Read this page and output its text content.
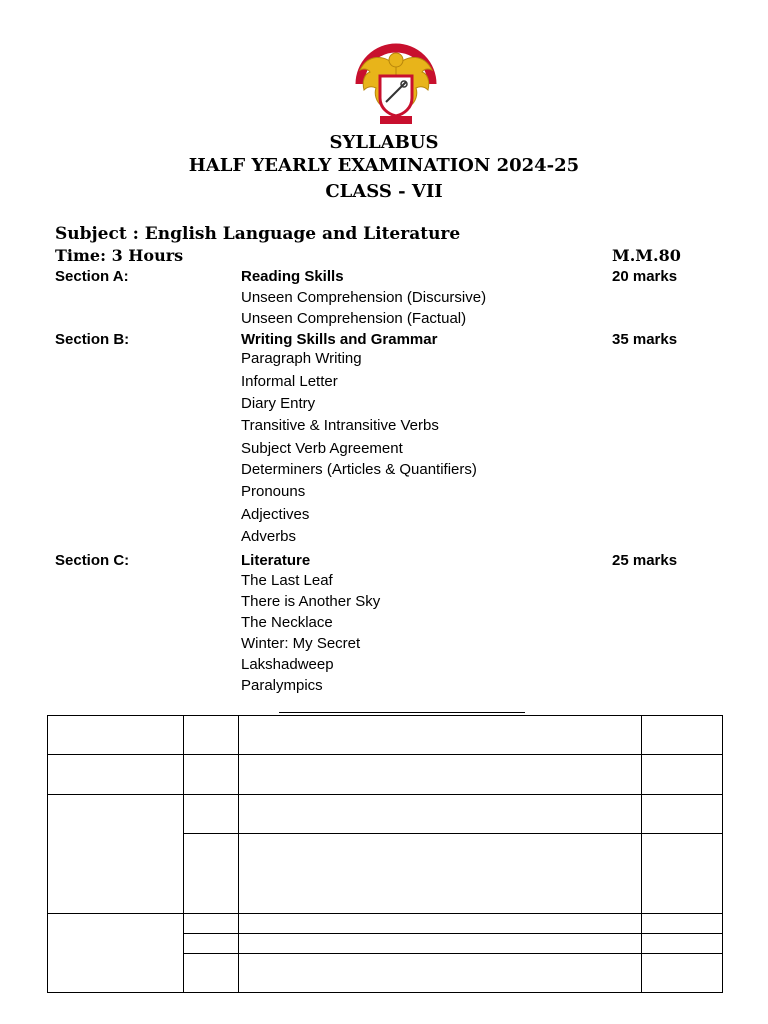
SYLLABUS
HALF YEARLY EXAMINATION 2024-25
CLASS - VII
Subject : English Language and Literature
Time: 3 Hours	M.M.80
Section A:	Reading Skills	20 marks
Unseen Comprehension (Discursive)
Unseen Comprehension (Factual)
Section B:	Writing Skills and Grammar	35 marks
Paragraph Writing
Informal Letter
Diary Entry
Transitive & Intransitive Verbs
Subject Verb Agreement
Determiners (Articles & Quantifiers)
Pronouns
Adjectives
Adverbs
Section C:	Literature	25 marks
The Last Leaf
There is Another Sky
The Necklace
Winter: My Secret
Lakshadweep
Paralympics
